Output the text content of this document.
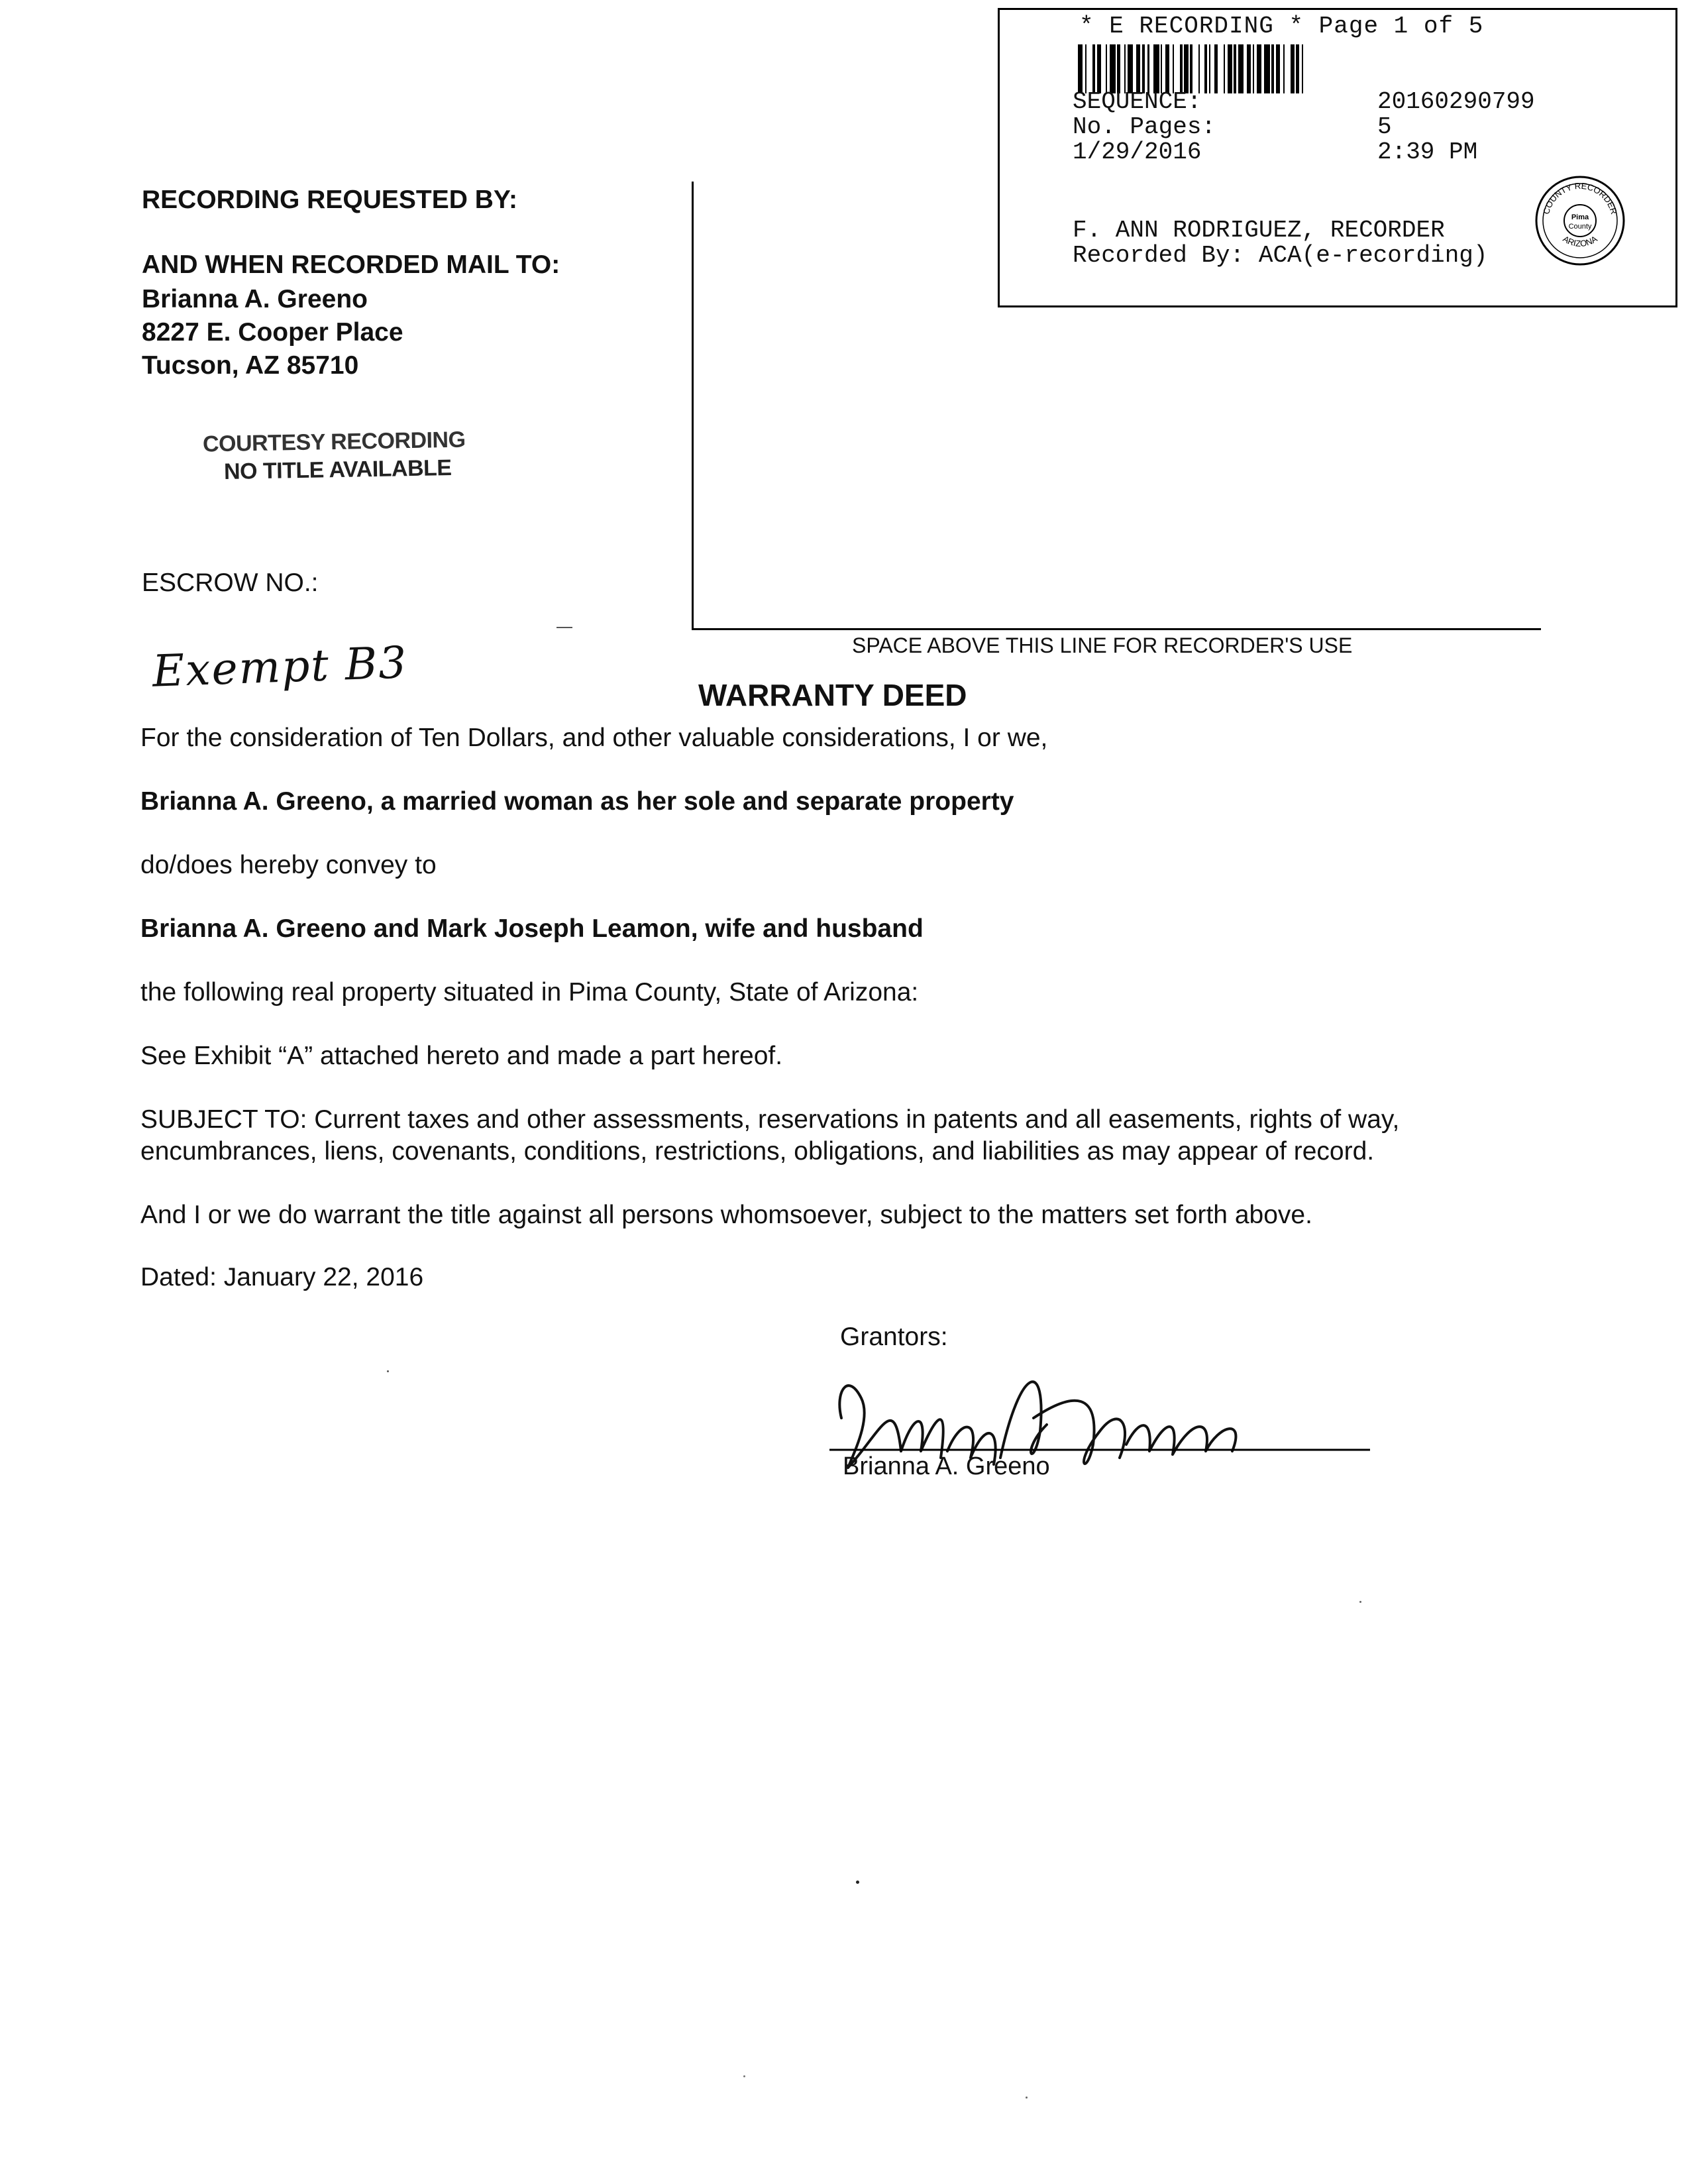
* E RECORDING * Page 1 of 5
SEQUENCE:	20160290799
No. Pages:	5
1/29/2016	2:39 PM
F. ANN RODRIGUEZ, RECORDER
Recorded By: ACA(e-recording)
COUNTY RECORDER
ARIZONA
Pima
County
RECORDING REQUESTED BY:
AND WHEN RECORDED MAIL TO:
Brianna A. Greeno
8227 E. Cooper Place
Tucson, AZ 85710
COURTESY RECORDING
NO TITLE AVAILABLE
ESCROW NO.:
SPACE ABOVE THIS LINE FOR RECORDER'S USE
Exempt B3	WARRANTY DEED
For the consideration of Ten Dollars, and other valuable considerations, I or we,
Brianna A. Greeno, a married woman as her sole and separate property
do/does hereby convey to
Brianna A. Greeno and Mark Joseph Leamon, wife and husband
the following real property situated in Pima County, State of Arizona:
See Exhibit “A” attached hereto and made a part hereof.
SUBJECT TO: Current taxes and other assessments, reservations in patents and all easements, rights of way,
encumbrances, liens, covenants, conditions, restrictions, obligations, and liabilities as may appear of record.
And I or we do warrant the title against all persons whomsoever, subject to the matters set forth above.
Dated: January 22, 2016
Grantors:
Brianna A. Greeno
